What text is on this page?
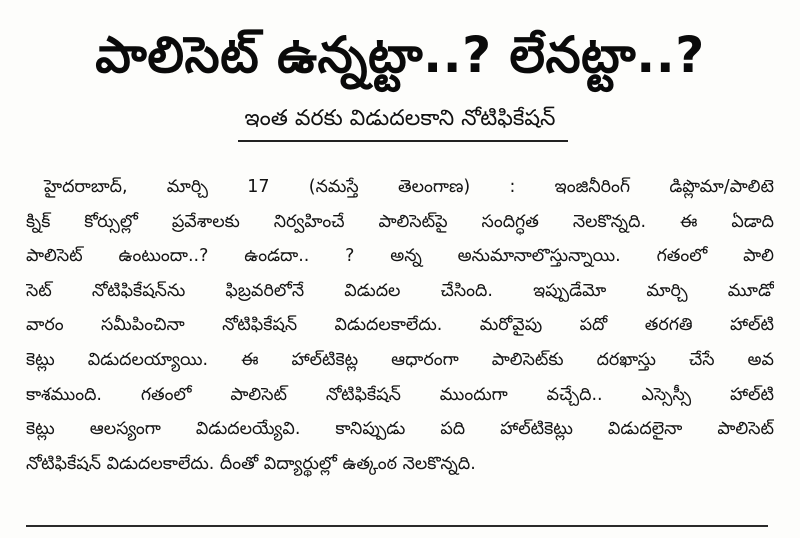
పాలిసెట్ ఉన్నట్టా..? లేనట్టా..?
ఇంత వరకు విడుదలకాని నోటిఫికేషన్
హైదరాబాద్, మార్చి 17 (నమస్తే తెలంగాణ) : ఇంజినీరింగ్ డిప్లొమా/పాలిటె
క్నిక్ కోర్సుల్లో ప్రవేశాలకు నిర్వహించే పాలిసెట్‌పై సందిగ్ధత నెలకొన్నది. ఈ ఏడాది
పాలిసెట్ ఉంటుందా..? ఉండదా.. ? అన్న అనుమానాలొస్తున్నాయి. గతంలో పాలి
సెట్ నోటిఫికేషన్‌ను ఫిబ్రవరిలోనే విడుదల చేసింది. ఇప్పుడేమో మార్చి మూడో
వారం సమీపించినా నోటిఫికేషన్ విడుదలకాలేదు. మరోవైపు పదో తరగతి హాల్‌టి
కెట్లు విడుదలయ్యాయి. ఈ హాల్‌టికెట్ల ఆధారంగా పాలిసెట్‌కు దరఖాస్తు చేసే అవ
కాశముంది. గతంలో పాలిసెట్ నోటిఫికేషన్ ముందుగా వచ్చేది.. ఎస్సెస్సీ హాల్‌టి
కెట్లు ఆలస్యంగా విడుదలయ్యేవి. కానిప్పుడు పది హాల్‌టికెట్లు విడుదలైనా పాలిసెట్
నోటిఫికేషన్ విడుదలకాలేదు. దీంతో విద్యార్థుల్లో ఉత్కంఠ నెలకొన్నది.
